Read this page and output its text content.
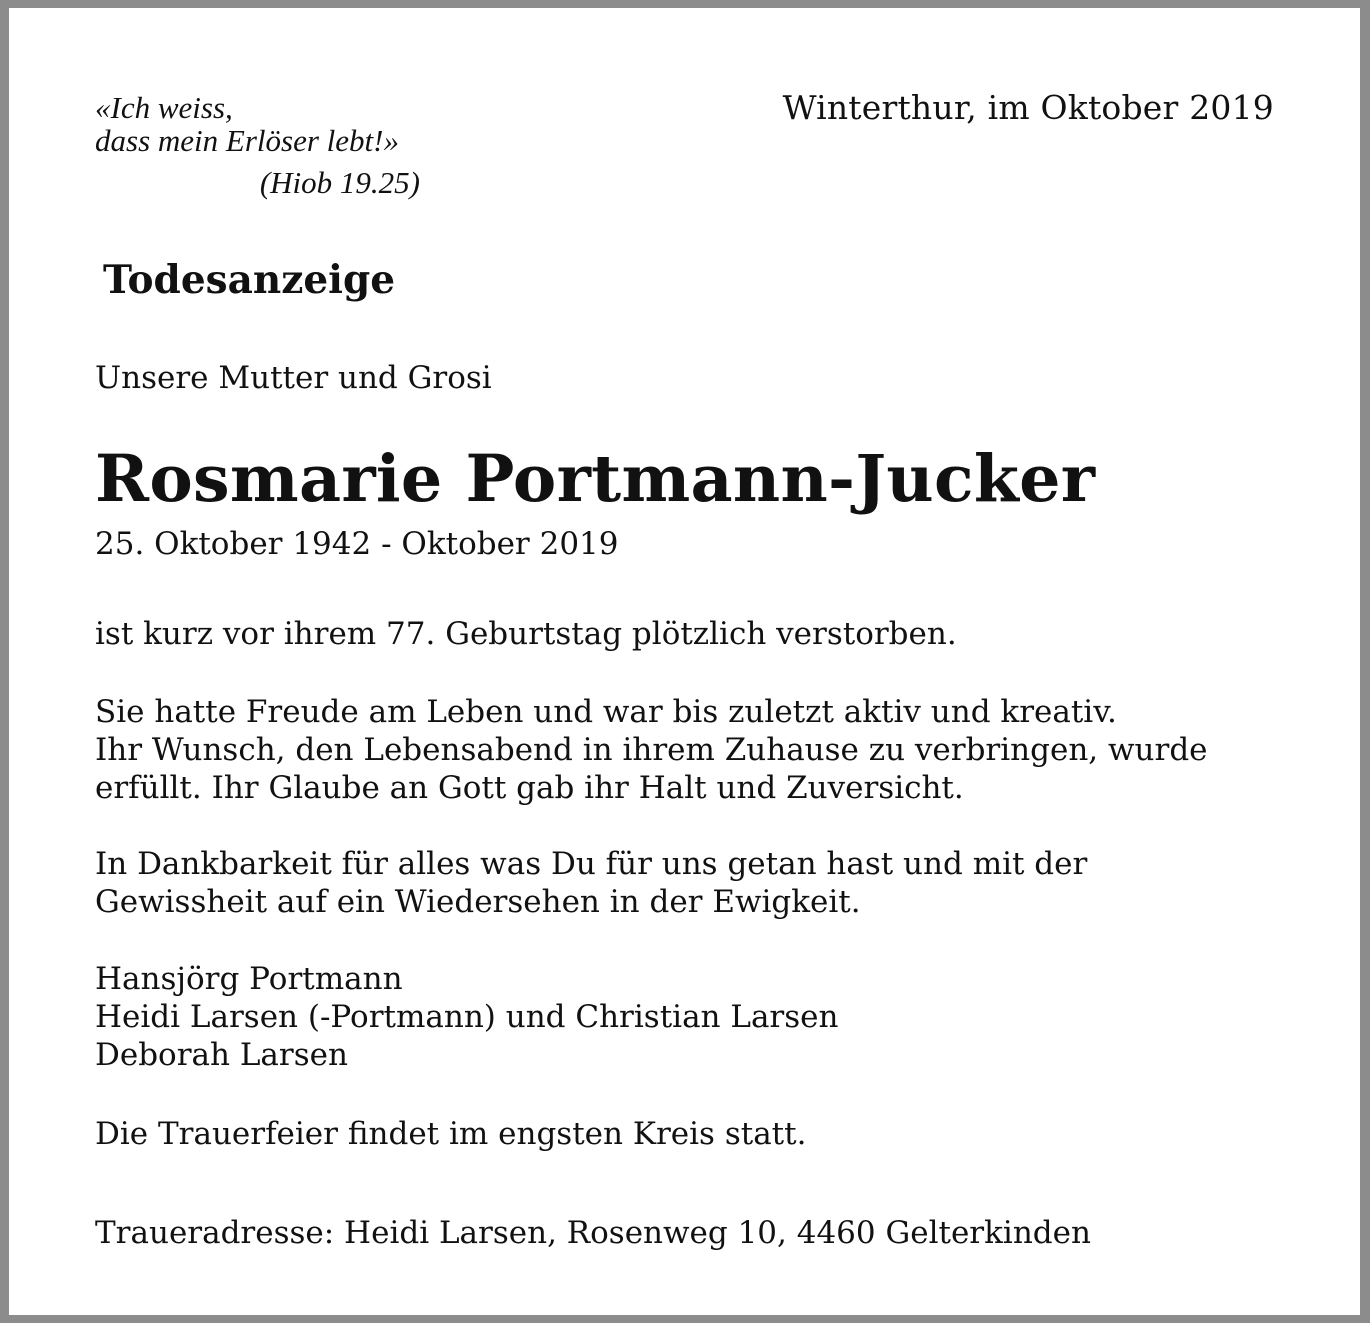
«Ich weiss,
dass mein Erlöser lebt!»
(Hiob 19.25)
Winterthur, im Oktober 2019
Todesanzeige
Unsere Mutter und Grosi
Rosmarie Portmann-Jucker
25. Oktober 1942 - Oktober 2019
ist kurz vor ihrem 77. Geburtstag plötzlich verstorben.
Sie hatte Freude am Leben und war bis zuletzt aktiv und kreativ.
Ihr Wunsch, den Lebensabend in ihrem Zuhause zu verbringen, wurde
erfüllt. Ihr Glaube an Gott gab ihr Halt und Zuversicht.
In Dankbarkeit für alles was Du für uns getan hast und mit der
Gewissheit auf ein Wiedersehen in der Ewigkeit.
Hansjörg Portmann
Heidi Larsen (-Portmann) und Christian Larsen
Deborah Larsen
Die Trauerfeier findet im engsten Kreis statt.
Traueradresse: Heidi Larsen, Rosenweg 10, 4460 Gelterkinden
